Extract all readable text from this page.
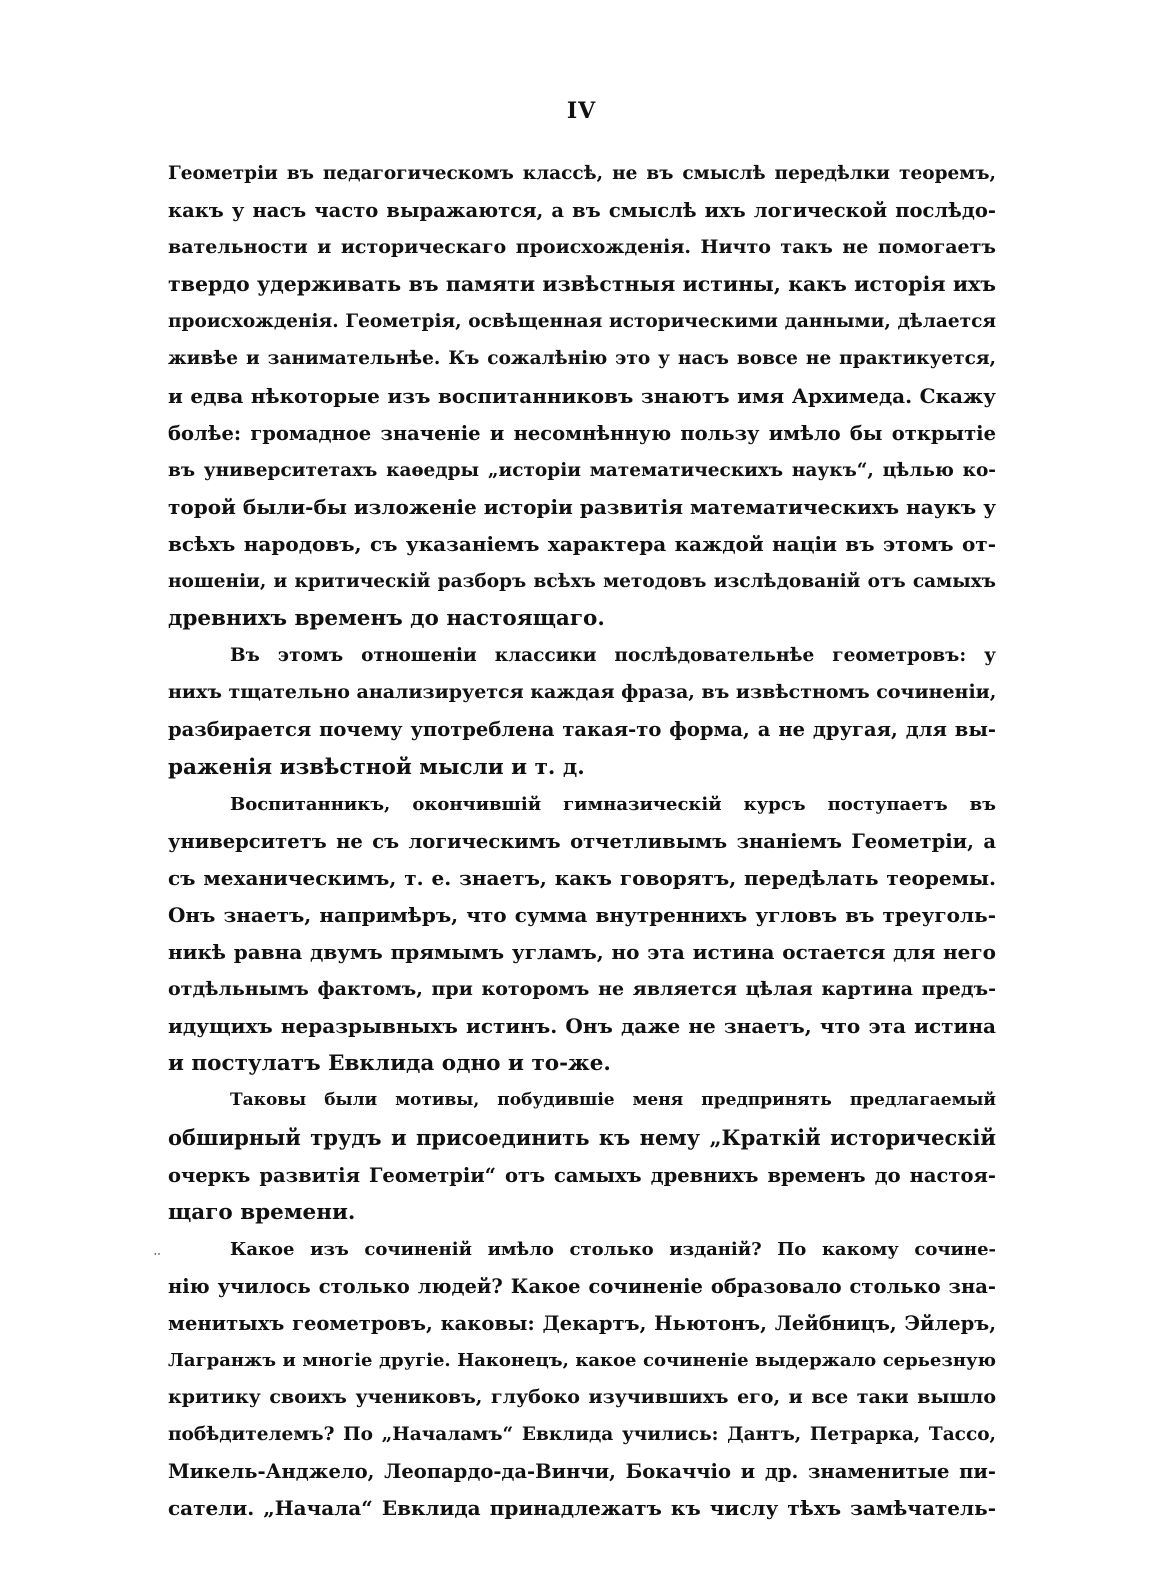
IV
ᐧᐧ
Геометріи въ педагогическомъ классѣ, не въ смыслѣ передѣлки теоремъ,
какъ у насъ часто выражаются, а въ смыслѣ ихъ логической послѣдо-
вательности и историческаго происхожденія. Ничто такъ не помогаетъ
твердо удерживать въ памяти извѣстныя истины, какъ исторія ихъ
происхожденія. Геометрія, освѣщенная историческими данными, дѣлается
живѣе и занимательнѣе. Къ сожалѣнію это у насъ вовсе не практикуется,
и едва нѣкоторые изъ воспитанниковъ знаютъ имя Архимеда. Скажу
болѣе: громадное значеніе и несомнѣнную пользу имѣло бы открытіе
въ университетахъ каѳедры „исторіи математическихъ наукъ“, цѣлью ко-
торой были-бы изложеніе исторіи развитія математическихъ наукъ у
всѣхъ народовъ, съ указаніемъ характера каждой націи въ этомъ от-
ношеніи, и критическій разборъ всѣхъ методовъ изслѣдованій отъ самыхъ
древнихъ временъ до настоящаго.
Въ этомъ отношеніи классики послѣдовательнѣе геометровъ: у
нихъ тщательно анализируется каждая фраза, въ извѣстномъ сочиненіи,
разбирается почему употреблена такая-то форма, а не другая, для вы-
раженія извѣстной мысли и т. д.
Воспитанникъ, окончившій гимназическій курсъ поступаетъ въ
университетъ не съ логическимъ отчетливымъ знаніемъ Геометріи, а
съ механическимъ, т. е. знаетъ, какъ говорятъ, передѣлать теоремы.
Онъ знаетъ, напримѣръ, что сумма внутреннихъ угловъ въ треуголь-
никѣ равна двумъ прямымъ угламъ, но эта истина остается для него
отдѣльнымъ фактомъ, при которомъ не является цѣлая картина предъ-
идущихъ неразрывныхъ истинъ. Онъ даже не знаетъ, что эта истина
и постулатъ Евклида одно и то-же.
Таковы были мотивы, побудившіе меня предпринять предлагаемый
обширный трудъ и присоединить къ нему „Краткій историческій
очеркъ развитія Геометріи“ отъ самыхъ древнихъ временъ до настоя-
щаго времени.
Какое изъ сочиненій имѣло столько изданій? По какому сочине-
нію училось столько людей? Какое сочиненіе образовало столько зна-
менитыхъ геометровъ, каковы: Декартъ, Ньютонъ, Лейбницъ, Эйлеръ,
Лагранжъ и многіе другіе. Наконецъ, какое сочиненіе выдержало серьезную
критику своихъ учениковъ, глубоко изучившихъ его, и все таки вышло
побѣдителемъ? По „Началамъ“ Евклида учились: Дантъ, Петрарка, Тассо,
Микель-Анджело, Леопардо-да-Винчи, Бокаччіо и др. знаменитые пи-
сатели. „Начала“ Евклида принадлежатъ къ числу тѣхъ замѣчатель-
